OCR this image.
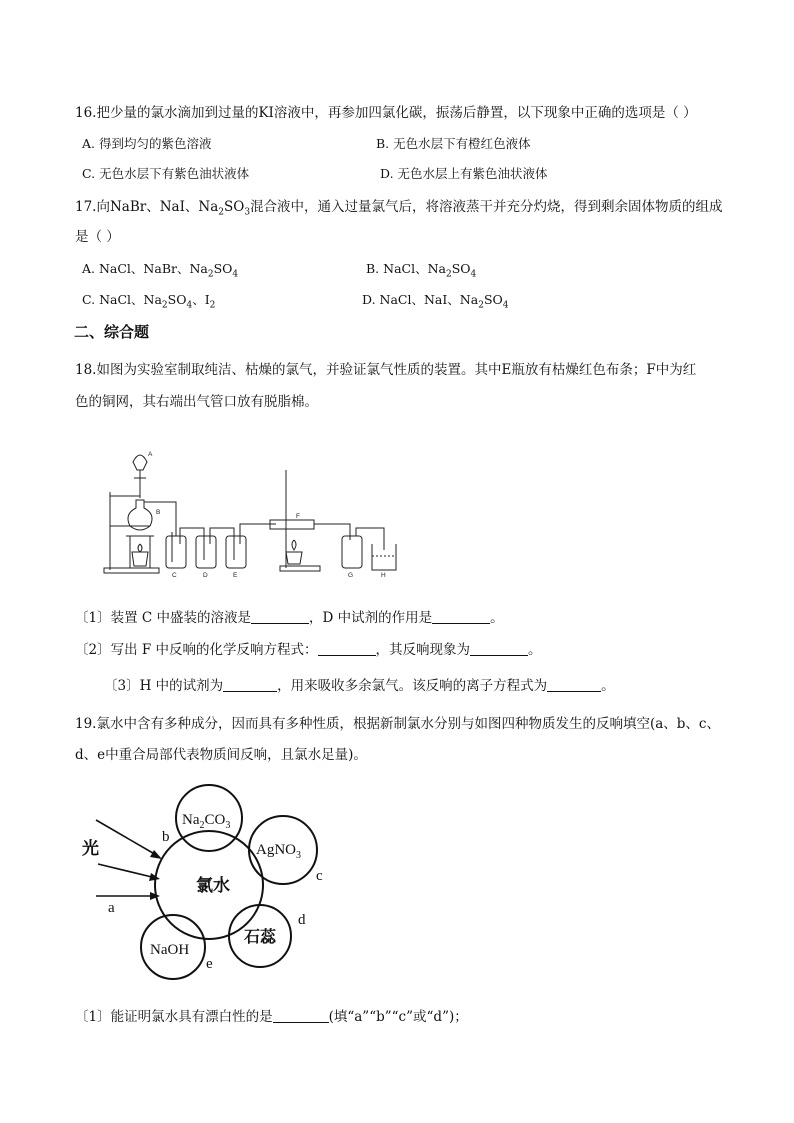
16.把少量的氯水滴加到过量的KI溶液中，再参加四氯化碳，振荡后静置，以下现象中正确的选项是（ ）
A. 得到均匀的紫色溶液	B. 无色水层下有橙红色液体
C. 无色水层下有紫色油状液体	D. 无色水层上有紫色油状液体
17.向NaBr、NaI、$Na_2SO_3$混合液中，通入过量氯气后，将溶液蒸干并充分灼烧，得到剩余固体物质的组成
是（ ）
A. NaCl、NaBr、$Na_2SO_4$	B. NaCl、$Na_2SO_4$
C. NaCl、$Na_2SO_4$、$I_2$	D. NaCl、NaI、$Na_2SO_4$
二、综合题
18.如图为实验室制取纯洁、枯燥的氯气，并验证氯气性质的装置。其中E瓶放有枯燥红色布条；F中为红
色的铜网，其右端出气管口放有脱脂棉。
A
B
C	D	E
F
G	H
〔1〕装置 C 中盛装的溶液是	，D 中试剂的作用是	。
〔2〕写出 F 中反响的化学反响方程式：	，其反响现象为	。
〔3〕H 中的试剂为	，用来吸收多余氯气。该反响的离子方程式为	。
19.氯水中含有多种成分，因而具有多种性质，根据新制氯水分别与如图四种物质发生的反响填空(a、b、c、
d、e中重合局部代表物质间反响，且氯水足量)。
氯水
$Na_2CO_3$
AgNO$_3$
NaOH
石蕊
光
b
c
d
e
a
〔1〕能证明氯水具有漂白性的是	(填“a”“b”“c”或“d”)；
